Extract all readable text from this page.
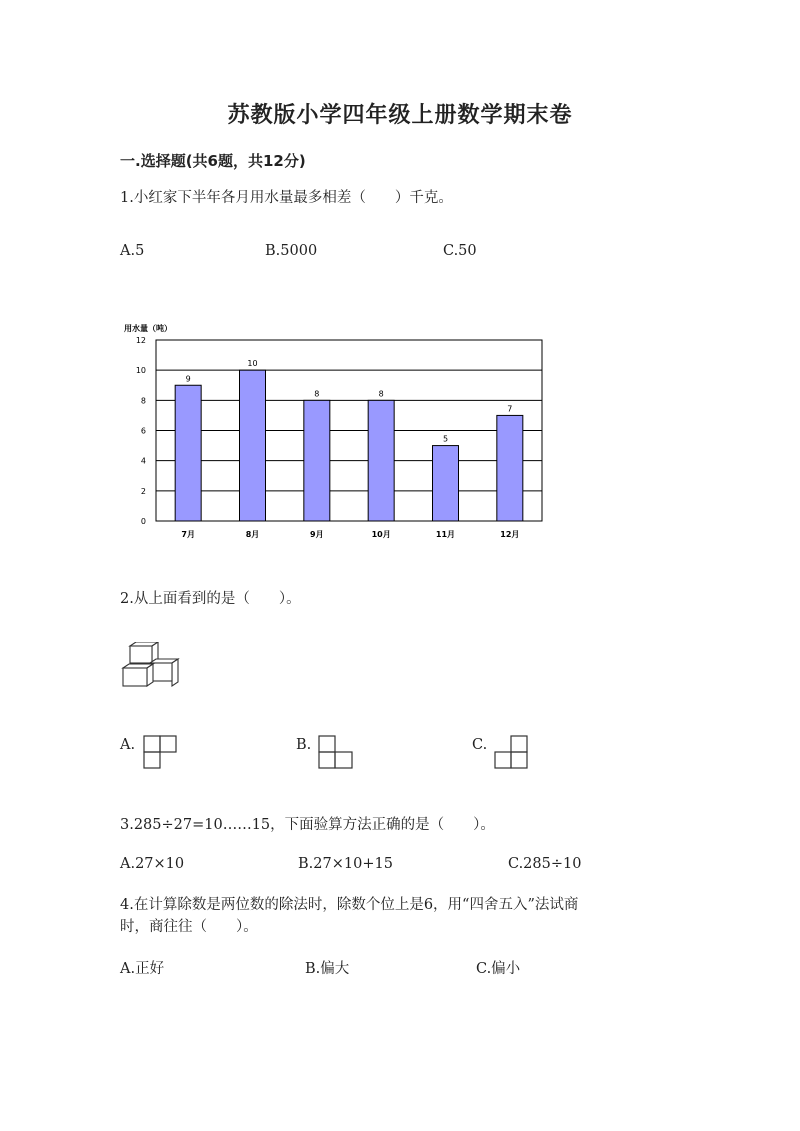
苏教版小学四年级上册数学期末卷
一.选择题(共6题，共12分)
1.小红家下半年各月用水量最多相差（　　）千克。
A.5	B.5000	C.50
用水量（吨）
0
2
4
6
8
10
12
9
10
8	8
5
7
7月	8月	9月	10月	11月	12月
2.从上面看到的是（　　）。
A.	B.	C.
3.285÷27=10……15，下面验算方法正确的是（　　）。
A.27×10	B.27×10+15	C.285÷10
4.在计算除数是两位数的除法时，除数个位上是6，用“四舍五入”法试商
时，商往往（　　）。
A.正好	B.偏大	C.偏小
